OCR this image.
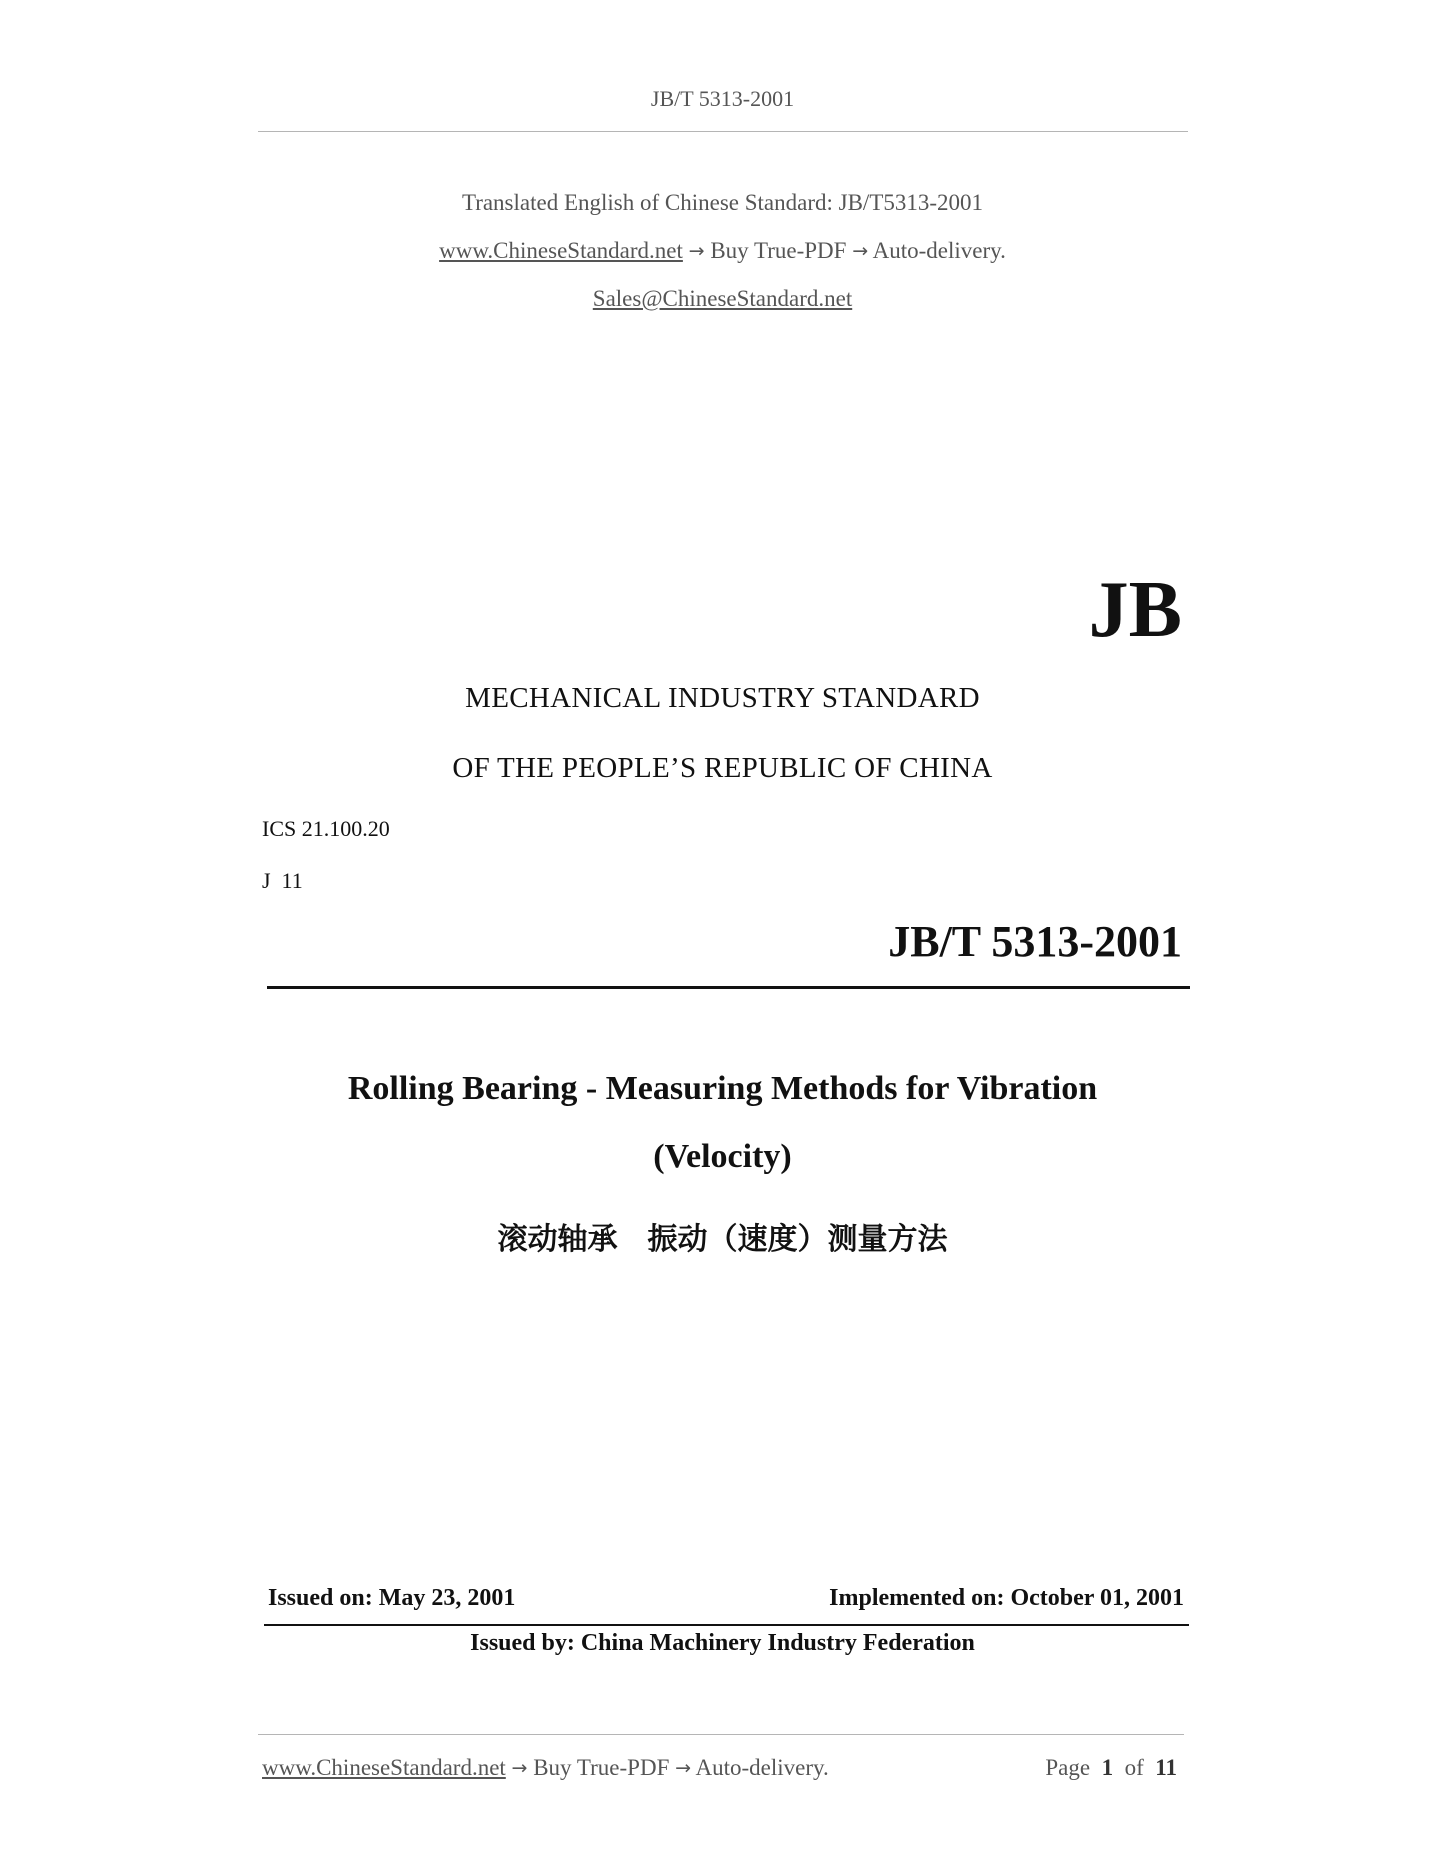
JB/T 5313-2001
Translated English of Chinese Standard: JB/T5313-2001
www.ChineseStandard.net → Buy True-PDF → Auto-delivery.
Sales@ChineseStandard.net
JB
MECHANICAL INDUSTRY STANDARD
OF THE PEOPLE’S REPUBLIC OF CHINA
ICS 21.100.20
J  11
JB/T 5313-2001
Rolling Bearing - Measuring Methods for Vibration
(Velocity)
滚动轴承　振动（速度）测量方法
Issued on: May 23, 2001	Implemented on: October 01, 2001
Issued by: China Machinery Industry Federation
www.ChineseStandard.net → Buy True-PDF → Auto-delivery.	Page 1 of 11
